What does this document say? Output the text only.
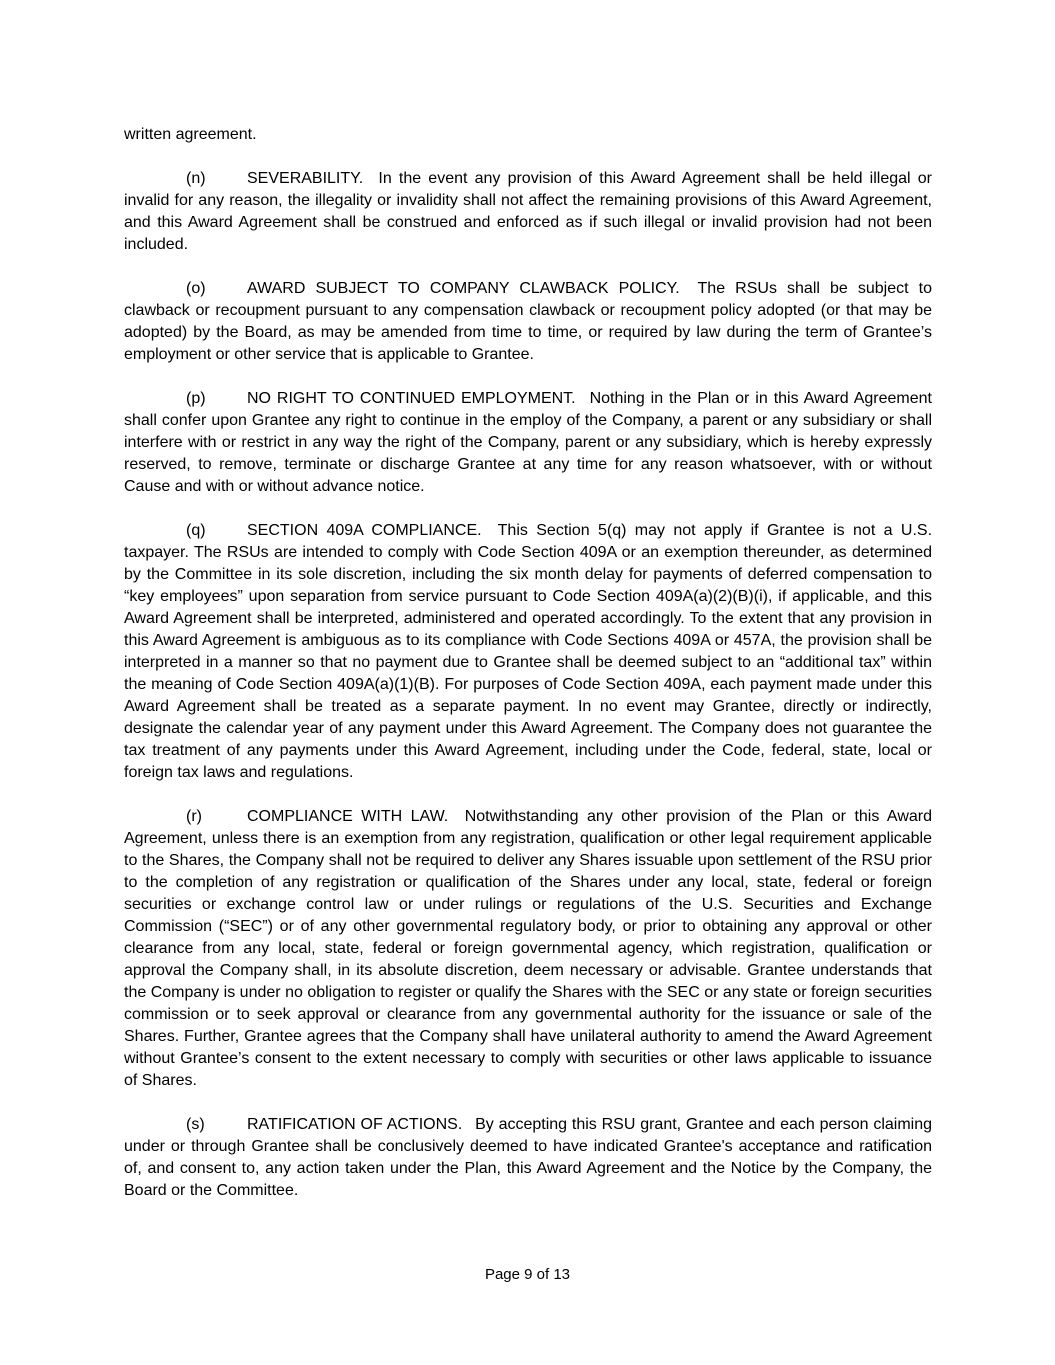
written agreement.

(n)	SEVERABILITY. In the event any provision of this Award Agreement shall be held illegal or invalid for any reason, the illegality or invalidity shall not affect the remaining provisions of this Award Agreement, and this Award Agreement shall be construed and enforced as if such illegal or invalid provision had not been included.

(o)	AWARD SUBJECT TO COMPANY CLAWBACK POLICY. The RSUs shall be subject to clawback or recoupment pursuant to any compensation clawback or recoupment policy adopted (or that may be adopted) by the Board, as may be amended from time to time, or required by law during the term of Grantee’s employment or other service that is applicable to Grantee.

(p)	NO RIGHT TO CONTINUED EMPLOYMENT. Nothing in the Plan or in this Award Agreement shall confer upon Grantee any right to continue in the employ of the Company, a parent or any subsidiary or shall interfere with or restrict in any way the right of the Company, parent or any subsidiary, which is hereby expressly reserved, to remove, terminate or discharge Grantee at any time for any reason whatsoever, with or without Cause and with or without advance notice.

(q)	SECTION 409A COMPLIANCE. This Section 5(q) may not apply if Grantee is not a U.S. taxpayer. The RSUs are intended to comply with Code Section 409A or an exemption thereunder, as determined by the Committee in its sole discretion, including the six month delay for payments of deferred compensation to “key employees” upon separation from service pursuant to Code Section 409A(a)(2)(B)(i), if applicable, and this Award Agreement shall be interpreted, administered and operated accordingly. To the extent that any provision in this Award Agreement is ambiguous as to its compliance with Code Sections 409A or 457A, the provision shall be interpreted in a manner so that no payment due to Grantee shall be deemed subject to an “additional tax” within the meaning of Code Section 409A(a)(1)(B). For purposes of Code Section 409A, each payment made under this Award Agreement shall be treated as a separate payment. In no event may Grantee, directly or indirectly, designate the calendar year of any payment under this Award Agreement. The Company does not guarantee the tax treatment of any payments under this Award Agreement, including under the Code, federal, state, local or foreign tax laws and regulations.

(r)	COMPLIANCE WITH LAW. Notwithstanding any other provision of the Plan or this Award Agreement, unless there is an exemption from any registration, qualification or other legal requirement applicable to the Shares, the Company shall not be required to deliver any Shares issuable upon settlement of the RSU prior to the completion of any registration or qualification of the Shares under any local, state, federal or foreign securities or exchange control law or under rulings or regulations of the U.S. Securities and Exchange Commission (“SEC”) or of any other governmental regulatory body, or prior to obtaining any approval or other clearance from any local, state, federal or foreign governmental agency, which registration, qualification or approval the Company shall, in its absolute discretion, deem necessary or advisable. Grantee understands that the Company is under no obligation to register or qualify the Shares with the SEC or any state or foreign securities commission or to seek approval or clearance from any governmental authority for the issuance or sale of the Shares. Further, Grantee agrees that the Company shall have unilateral authority to amend the Award Agreement without Grantee’s consent to the extent necessary to comply with securities or other laws applicable to issuance of Shares.

(s)	RATIFICATION OF ACTIONS. By accepting this RSU grant, Grantee and each person claiming under or through Grantee shall be conclusively deemed to have indicated Grantee's acceptance and ratification of, and consent to, any action taken under the Plan, this Award Agreement and the Notice by the Company, the Board or the Committee.

Page 9 of 13
